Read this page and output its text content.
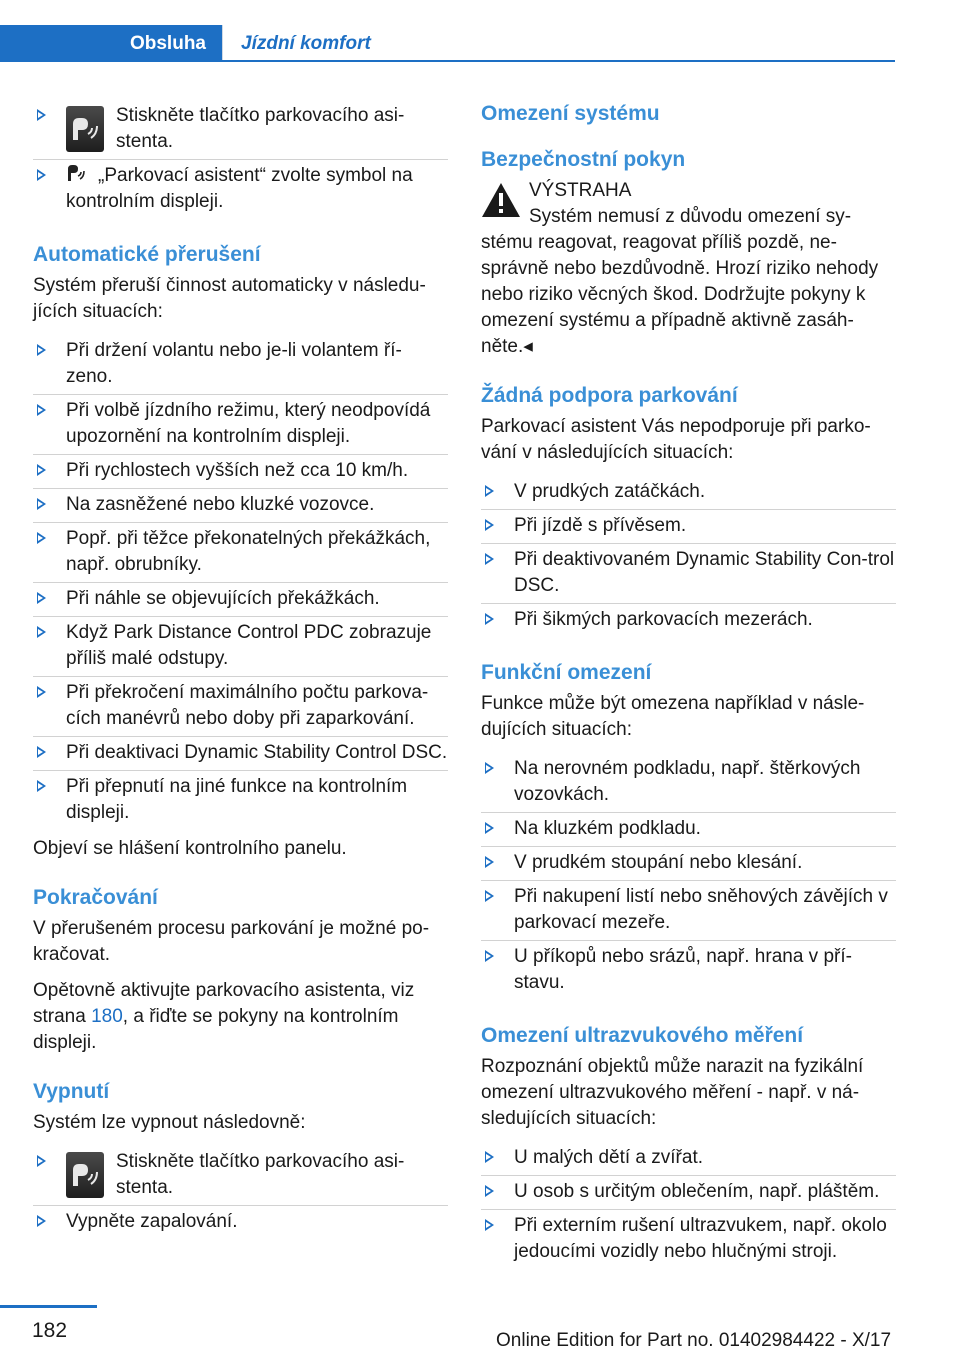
Obsluha Jízdní komfort
Stiskněte tlačítko parkovacího asi‐stenta.
„Parkovací asistent“ zvolte symbol na kontrolním displeji.
Automatické přerušení

Systém přeruší činnost automaticky v následu‐jících situacích:

Při držení volantu nebo je-li volantem ří‐zeno.
Při volbě jízdního režimu, který neodpovídá upozornění na kontrolním displeji.
Při rychlostech vyšších než cca 10 km/h.
Na zasněžené nebo kluzké vozovce.
Popř. při těžce překonatelných překážkách, např. obrubníky.
Při náhle se objevujících překážkách.
Když Park Distance Control PDC zobrazuje příliš malé odstupy.
Při překročení maximálního počtu parkova‐cích manévrů nebo doby při zaparkování.
Při deaktivaci Dynamic Stability Control DSC.
Při přepnutí na jiné funkce na kontrolním displeji.

Objeví se hlášení kontrolního panelu.

Pokračování

V přerušeném procesu parkování je možné po‐kračovat.

Opětovně aktivujte parkovacího asistenta, viz strana 180, a řiďte se pokyny na kontrolním displeji.

Vypnutí

Systém lze vypnout následovně:

Stiskněte tlačítko parkovacího asi‐stenta.
Vypněte zapalování.
Omezení systému
Bezpečnostní pokyn

VÝSTRAHA

Systém nemusí z důvodu omezení sy‐

stému reagovat, reagovat příliš pozdě, ne‐správně nebo bezdůvodně. Hrozí riziko nehody nebo riziko věcných škod. Dodržujte pokyny k omezení systému a případně aktivně zasáh‐něte.◂

Žádná podpora parkování

Parkovací asistent Vás nepodporuje při parko‐vání v následujících situacích:

V prudkých zatáčkách.
Při jízdě s přívěsem.
Při deaktivovaném Dynamic Stability Con‐trol DSC.
Při šikmých parkovacích mezerách.
Funkční omezení

Funkce může být omezena například v násle‐dujících situacích:

Na nerovném podkladu, např. štěrkových vozovkách.
Na kluzkém podkladu.
V prudkém stoupání nebo klesání.
Při nakupení listí nebo sněhových závějích v parkovací mezeře.
U příkopů nebo srázů, např. hrana v pří‐stavu.
Omezení ultrazvukového měření

Rozpoznání objektů může narazit na fyzikální omezení ultrazvukového měření - např. v ná‐sledujících situacích:

U malých dětí a zvířat.
U osob s určitým oblečením, např. pláštěm.
Při externím rušení ultrazvukem, např. okolo jedoucími vozidly nebo hlučnými stroji.
182	Online Edition for Part no. 01402984422 - X/17
